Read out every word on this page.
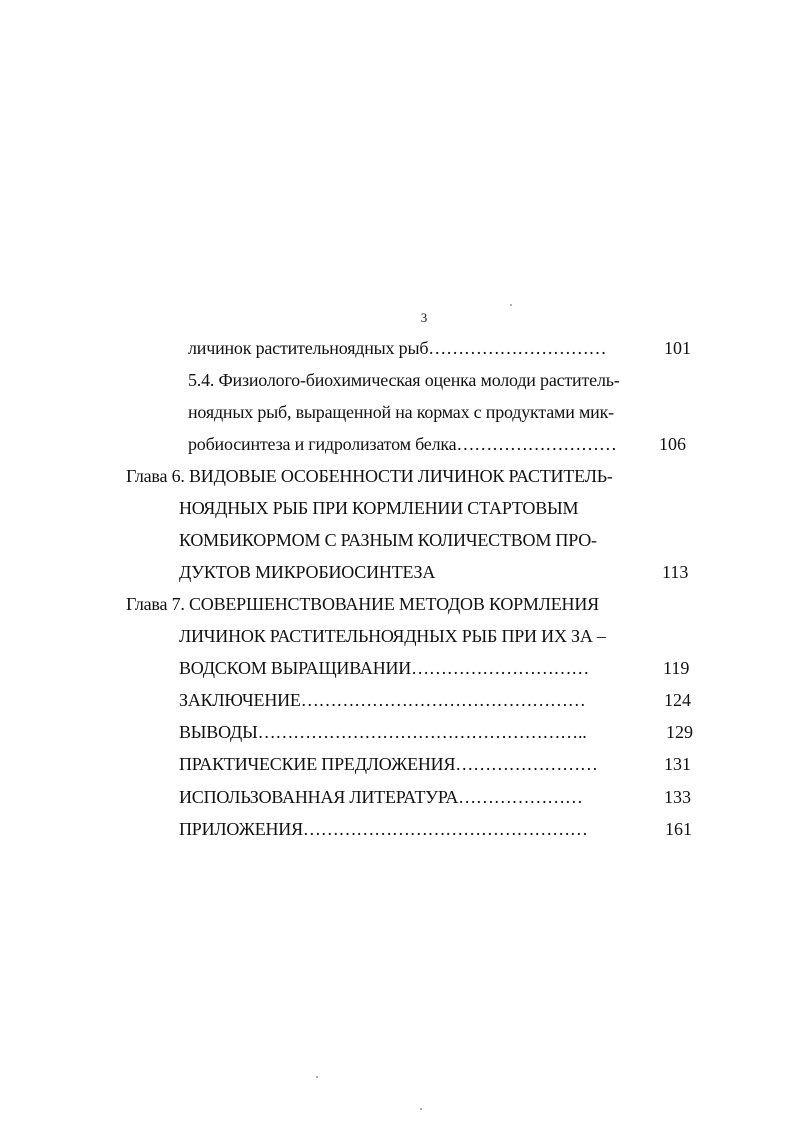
3
личинок растительноядных рыб…………………………	101
5.4. Физиолого-биохимическая оценка молоди раститель-
ноядных рыб, выращенной на кормах с продуктами мик-
робиосинтеза и гидролизатом белка……………………… 106
Глава 6. ВИДОВЫЕ ОСОБЕННОСТИ ЛИЧИНОК РАСТИТЕЛЬ-
НОЯДНЫХ РЫБ ПРИ КОРМЛЕНИИ СТАРТОВЫМ
КОМБИКОРМОМ С РАЗНЫМ КОЛИЧЕСТВОМ ПРО-
ДУКТОВ МИКРОБИОСИНТЕЗА	113
Глава 7. СОВЕРШЕНСТВОВАНИЕ МЕТОДОВ КОРМЛЕНИЯ
ЛИЧИНОК РАСТИТЕЛЬНОЯДНЫХ РЫБ ПРИ ИХ ЗА –
ВОДСКОМ ВЫРАЩИВАНИИ…………………………	119
ЗАКЛЮЧЕНИЕ…………………………………………	124
ВЫВОДЫ………………………………………………..	129
ПРАКТИЧЕСКИЕ ПРЕДЛОЖЕНИЯ……………………	131
ИСПОЛЬЗОВАННАЯ ЛИТЕРАТУРА…………………	133
ПРИЛОЖЕНИЯ…………………………………………	161
